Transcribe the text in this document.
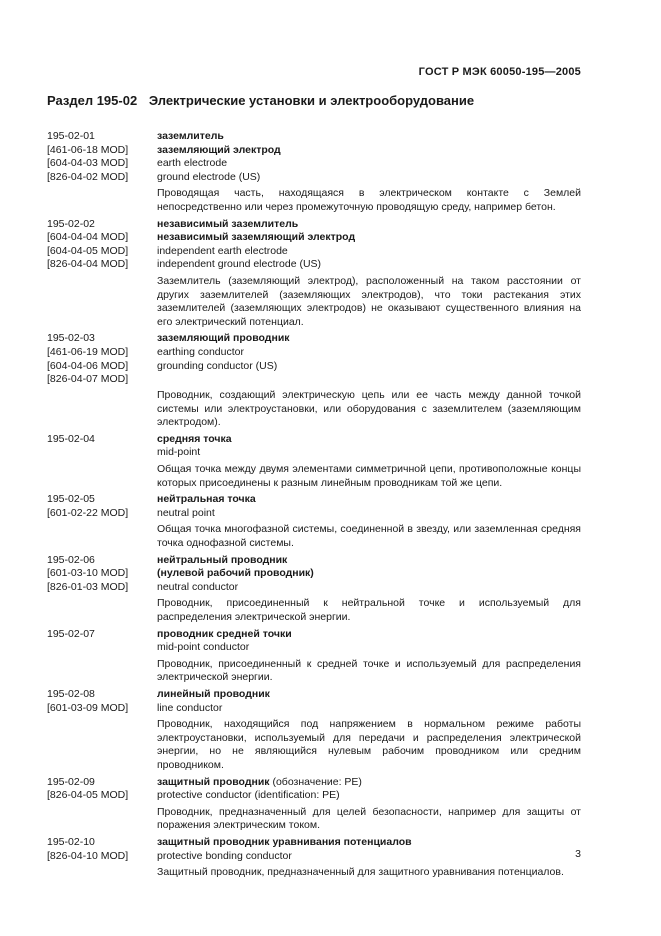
ГОСТ Р МЭК 60050-195—2005
Раздел 195-02 Электрические установки и электрооборудование
195-02-01
[461-06-18 MOD]
[604-04-03 MOD]
[826-04-02 MOD]
заземлитель
заземляющий электрод
earth electrode
ground electrode (US)
Проводящая часть, находящаяся в электрическом контакте с Землей непосредственно или через промежуточную проводящую среду, например бетон.
195-02-02
[604-04-04 MOD]
[604-04-05 MOD]
[826-04-04 MOD]
независимый заземлитель
независимый заземляющий электрод
independent earth electrode
independent ground electrode (US)
Заземлитель (заземляющий электрод), расположенный на таком расстоянии от других заземлителей (заземляющих электродов), что токи растекания этих заземлителей (заземляющих электродов) не оказывают существенного влияния на его электрический потенциал.
195-02-03
[461-06-19 MOD]
[604-04-06 MOD]
[826-04-07 MOD]
заземляющий проводник
earthing conductor
grounding conductor (US)
Проводник, создающий электрическую цепь или ее часть между данной точкой системы или электроустановки, или оборудования с заземлителем (заземляющим электродом).
195-02-04	средняя точка
mid-point
Общая точка между двумя элементами симметричной цепи, противоположные концы которых присоединены к разным линейным проводникам той же цепи.
195-02-05
[601-02-22 MOD]
нейтральная точка
neutral point
Общая точка многофазной системы, соединенной в звезду, или заземленная средняя точка однофазной системы.
195-02-06
[601-03-10 MOD]
[826-01-03 MOD]
нейтральный проводник
(нулевой рабочий проводник)
neutral conductor
Проводник, присоединенный к нейтральной точке и используемый для распределения электрической энергии.
195-02-07	проводник средней точки
mid-point conductor
Проводник, присоединенный к средней точке и используемый для распределения электрической энергии.
195-02-08
[601-03-09 MOD]
линейный проводник
line conductor
Проводник, находящийся под напряжением в нормальном режиме работы электроустановки, используемый для передачи и распределения электрической энергии, но не являющийся нулевым рабочим проводником или средним проводником.
195-02-09
[826-04-05 MOD]
защитный проводник (обозначение: PE)
protective conductor (identification: PE)
Проводник, предназначенный для целей безопасности, например для защиты от поражения электрическим током.
195-02-10
[826-04-10 MOD]
защитный проводник уравнивания потенциалов
protective bonding conductor
Защитный проводник, предназначенный для защитного уравнивания потенциалов.
3
